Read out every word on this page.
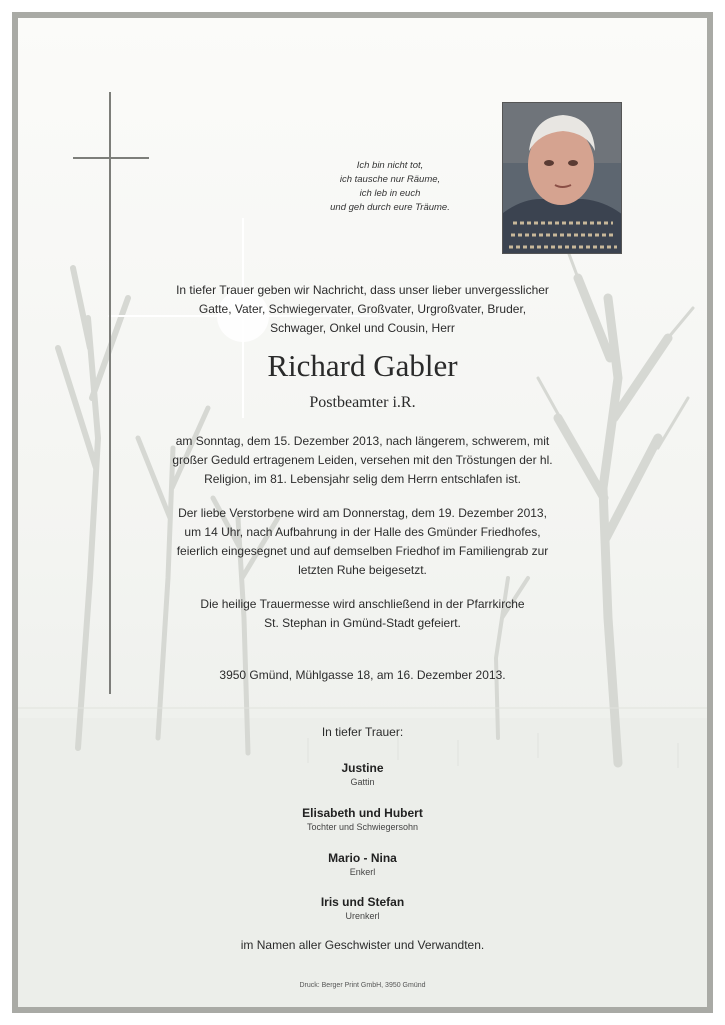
Ich bin nicht tot,
ich tausche nur Räume,
ich leb in euch
und geh durch eure Träume.
In tiefer Trauer geben wir Nachricht, dass unser lieber unvergesslicher
Gatte, Vater, Schwiegervater, Großvater, Urgroßvater, Bruder,
Schwager, Onkel und Cousin, Herr
Richard Gabler
Postbeamter i.R.
am Sonntag, dem 15. Dezember 2013, nach längerem, schwerem, mit
großer Geduld ertragenem Leiden, versehen mit den Tröstungen der hl.
Religion, im 81. Lebensjahr selig dem Herrn entschlafen ist.
Der liebe Verstorbene wird am Donnerstag, dem 19. Dezember 2013,
um 14 Uhr, nach Aufbahrung in der Halle des Gmünder Friedhofes,
feierlich eingesegnet und auf demselben Friedhof im Familiengrab zur
letzten Ruhe beigesetzt.
Die heilige Trauermesse wird anschließend in der Pfarrkirche
St. Stephan in Gmünd-Stadt gefeiert.
3950 Gmünd, Mühlgasse 18, am 16. Dezember 2013.
In tiefer Trauer:
Justine
Gattin
Elisabeth und Hubert
Tochter und Schwiegersohn
Mario - Nina
Enkerl
Iris und Stefan
Urenkerl
im Namen aller Geschwister und Verwandten.
Druck: Berger Print GmbH, 3950 Gmünd
